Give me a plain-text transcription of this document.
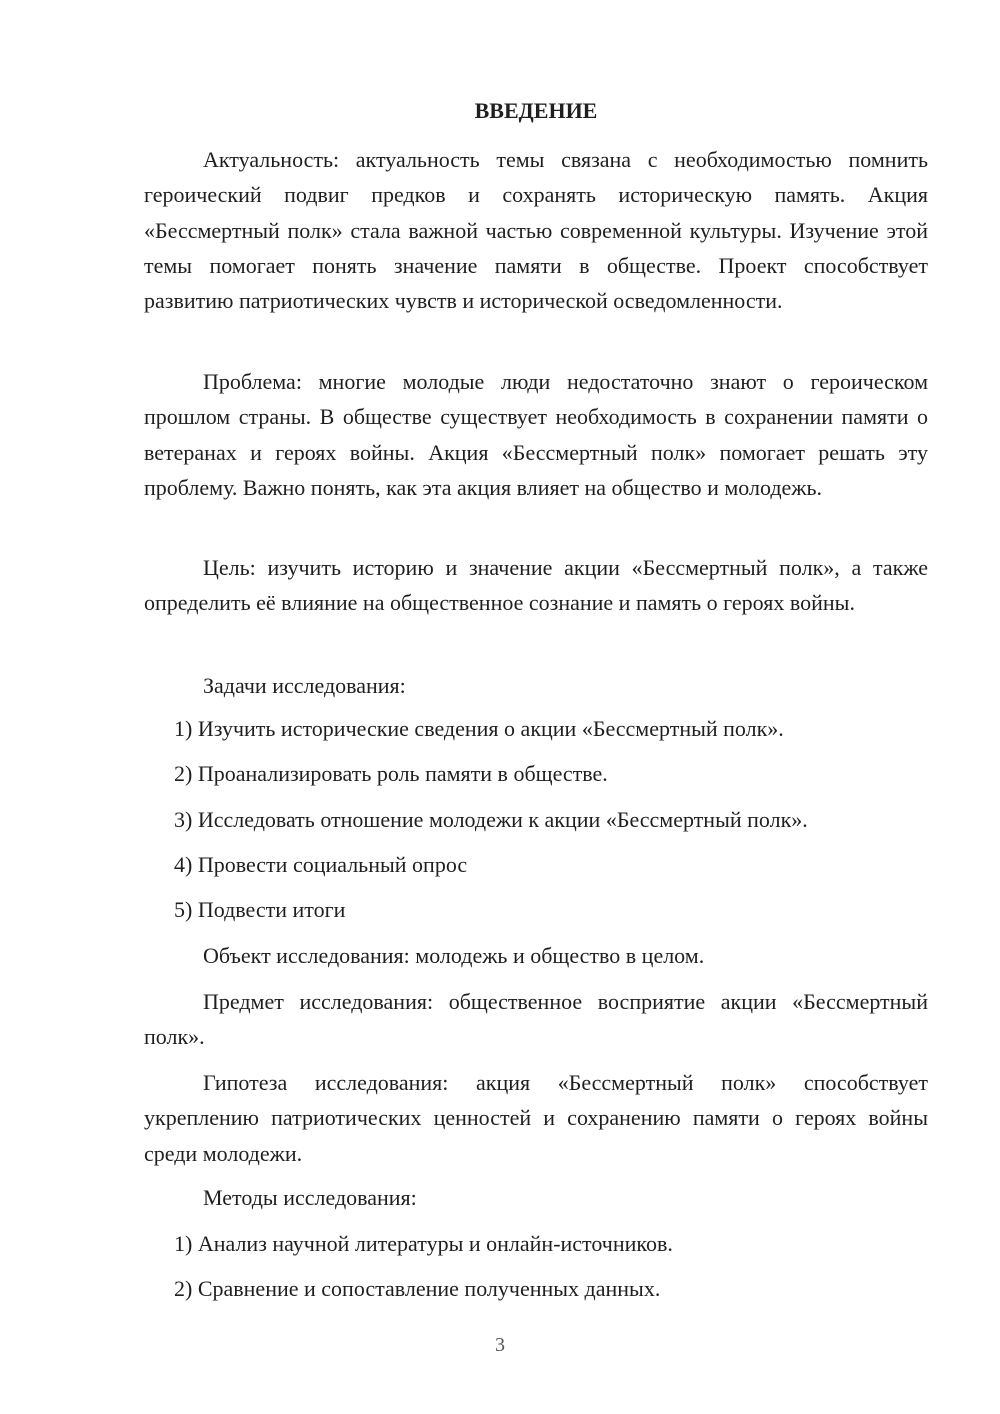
ВВЕДЕНИЕ

Актуальность: актуальность темы связана с необходимостью помнить героический подвиг предков и сохранять историческую память. Акция «Бессмертный полк» стала важной частью современной культуры. Изучение этой темы помогает понять значение памяти в обществе. Проект способствует развитию патриотических чувств и исторической осведомленности.

Проблема: многие молодые люди недостаточно знают о героическом прошлом страны. В обществе существует необходимость в сохранении памяти о ветеранах и героях войны. Акция «Бессмертный полк» помогает решать эту проблему. Важно понять, как эта акция влияет на общество и молодежь.

Цель: изучить историю и значение акции «Бессмертный полк», а также определить её влияние на общественное сознание и память о героях войны.

Задачи исследования:

1) Изучить исторические сведения о акции «Бессмертный полк».

2) Проанализировать роль памяти в обществе.

3) Исследовать отношение молодежи к акции «Бессмертный полк».

4) Провести социальный опрос

5) Подвести итоги

Объект исследования: молодежь и общество в целом.

Предмет исследования: общественное восприятие акции «Бессмертный полк».

Гипотеза исследования: акция «Бессмертный полк» способствует укреплению патриотических ценностей и сохранению памяти о героях войны среди молодежи.

Методы исследования:

1) Анализ научной литературы и онлайн-источников.

2) Сравнение и сопоставление полученных данных.

3
